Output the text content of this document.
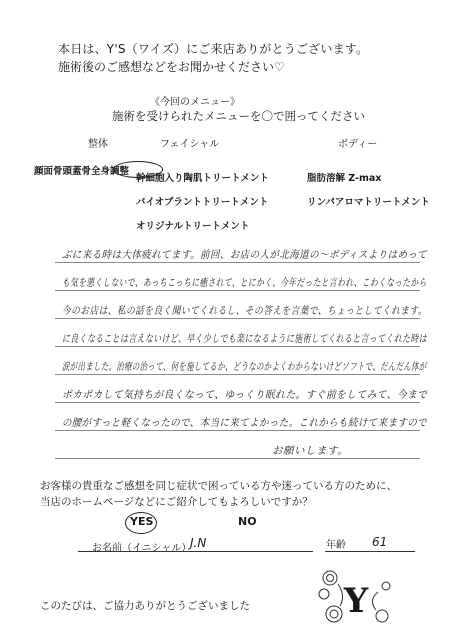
本日は、Y'S（ワイズ）にご来店ありがとうございます。
施術後のご感想などをお聞かせください♡
《今回のメニュー》
施術を受けられたメニューを〇で囲ってください
整体	フェイシャル	ボディー
顔面骨頭蓋骨全身調整
幹細胞入り陶肌トリートメント
バイオプラントトリートメント
オリジナルトリートメント
脂肪溶解 Z-max
リンパアロマトリートメント
ぶに来る時は大体疲れてます。前回、お店の人が北海道の～ボディスよりはめって
も気を悪くしないで、あっちこっちに癒されて、とにかく、今年だったと言われ、こわくなったから
今のお店は、私の話を良く聞いてくれるし、その答えを言葉で、ちょっとしてくれます。
に良くなることは言えないけど、早く少しでも楽になるように施術してくれると言ってくれた時は
涙が出ました。治療の治って、何を施してるか、どうなのかよくわからないけどソフトで、だんだん体が
ポカポカして気持ちが良くなって、ゆっくり眠れた。すぐ前をしてみて、今まで
の腰がすっと軽くなったので、本当に来てよかった。これからも続けて来ますので
お願いします。
お客様の貴重なご感想を同じ症状で困っている方や迷っている方のために、
当店のホームページなどにご紹介してもよろしいですか？
YES	NO
お名前（イニシャル）
J.N	年齢 61
このたびは、ご協力ありがとうございました	Y
